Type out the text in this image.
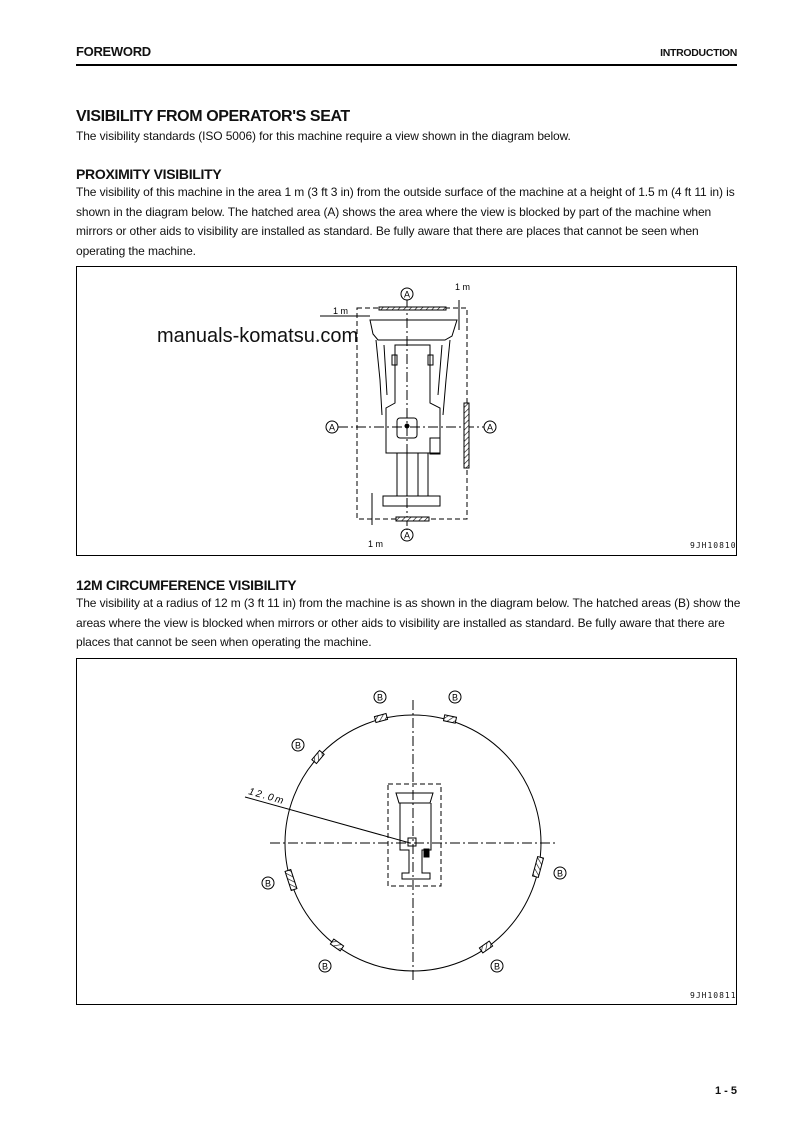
FOREWORD	INTRODUCTION
VISIBILITY FROM OPERATOR'S SEAT
The visibility standards (ISO 5006) for this machine require a view shown in the diagram below.
PROXIMITY VISIBILITY
The visibility of this machine in the area 1 m (3 ft 3 in) from the outside surface of the machine at a height of 1.5 m (4 ft 11 in) is shown in the diagram below. The hatched area (A) shows the area where the view is blocked by part of the machine when mirrors or other aids to visibility are installed as standard. Be fully aware that there are places that cannot be seen when operating the machine.
A
A
A	A
1 m
1 m
1 m
manuals-komatsu.com
9JH10810
12M CIRCUMFERENCE VISIBILITY
The visibility at a radius of 12 m (3 ft 11 in) from the machine is as shown in the diagram below. The hatched areas (B) show the areas where the view is blocked when mirrors or other aids to visibility are installed as standard. Be fully aware that there are places that cannot be seen when operating the machine.
B	B
B
B
B	B
B
12.0m
9JH10811
1 - 5
